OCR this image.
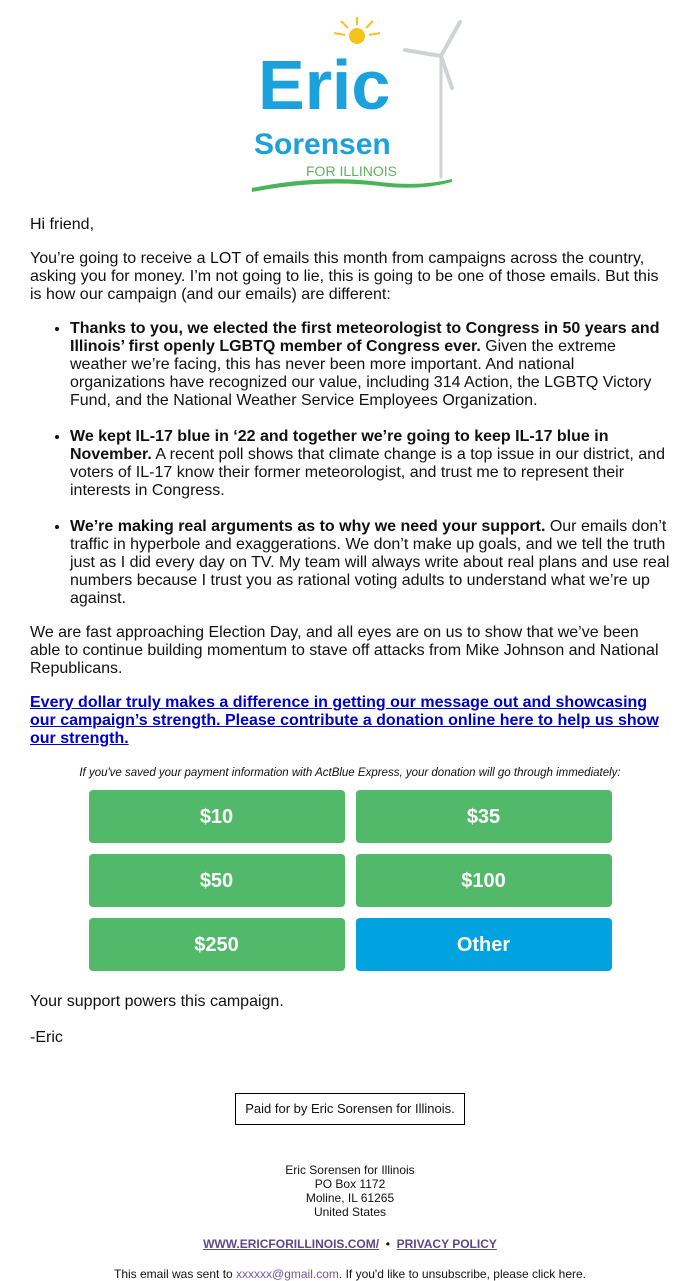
Eric
Sorensen
FOR ILLINOIS

Hi friend,

You’re going to receive a LOT of emails this month from campaigns across the country, asking you for money. I’m not going to lie, this is going to be one of those emails. But this is how our campaign (and our emails) are different:

• Thanks to you, we elected the first meteorologist to Congress in 50 years and Illinois’ first openly LGBTQ member of Congress ever. Given the extreme weather we’re facing, this has never been more important. And national organizations have recognized our value, including 314 Action, the LGBTQ Victory Fund, and the National Weather Service Employees Organization.
• We kept IL-17 blue in ‘22 and together we’re going to keep IL-17 blue in November. A recent poll shows that climate change is a top issue in our district, and voters of IL-17 know their former meteorologist, and trust me to represent their interests in Congress.
• We’re making real arguments as to why we need your support. Our emails don’t traffic in hyperbole and exaggerations. We don’t make up goals, and we tell the truth just as I did every day on TV. My team will always write about real plans and use real numbers because I trust you as rational voting adults to understand what we’re up against.

We are fast approaching Election Day, and all eyes are on us to show that we’ve been able to continue building momentum to stave off attacks from Mike Johnson and National Republicans.

Every dollar truly makes a difference in getting our message out and showcasing our campaign’s strength. Please contribute a donation online here to help us show our strength.

If you've saved your payment information with ActBlue Express, your donation will go through immediately:

$10	$35
$50	$100
$250	Other

Your support powers this campaign.

-Eric

Paid for by Eric Sorensen for Illinois.
Eric Sorensen for Illinois
PO Box 1172
Moline, IL 61265
United States
WWW.ERICFORILLINOIS.COM/ • PRIVACY POLICY
This email was sent to xxxxxx@gmail.com. If you'd like to unsubscribe, please click here.
